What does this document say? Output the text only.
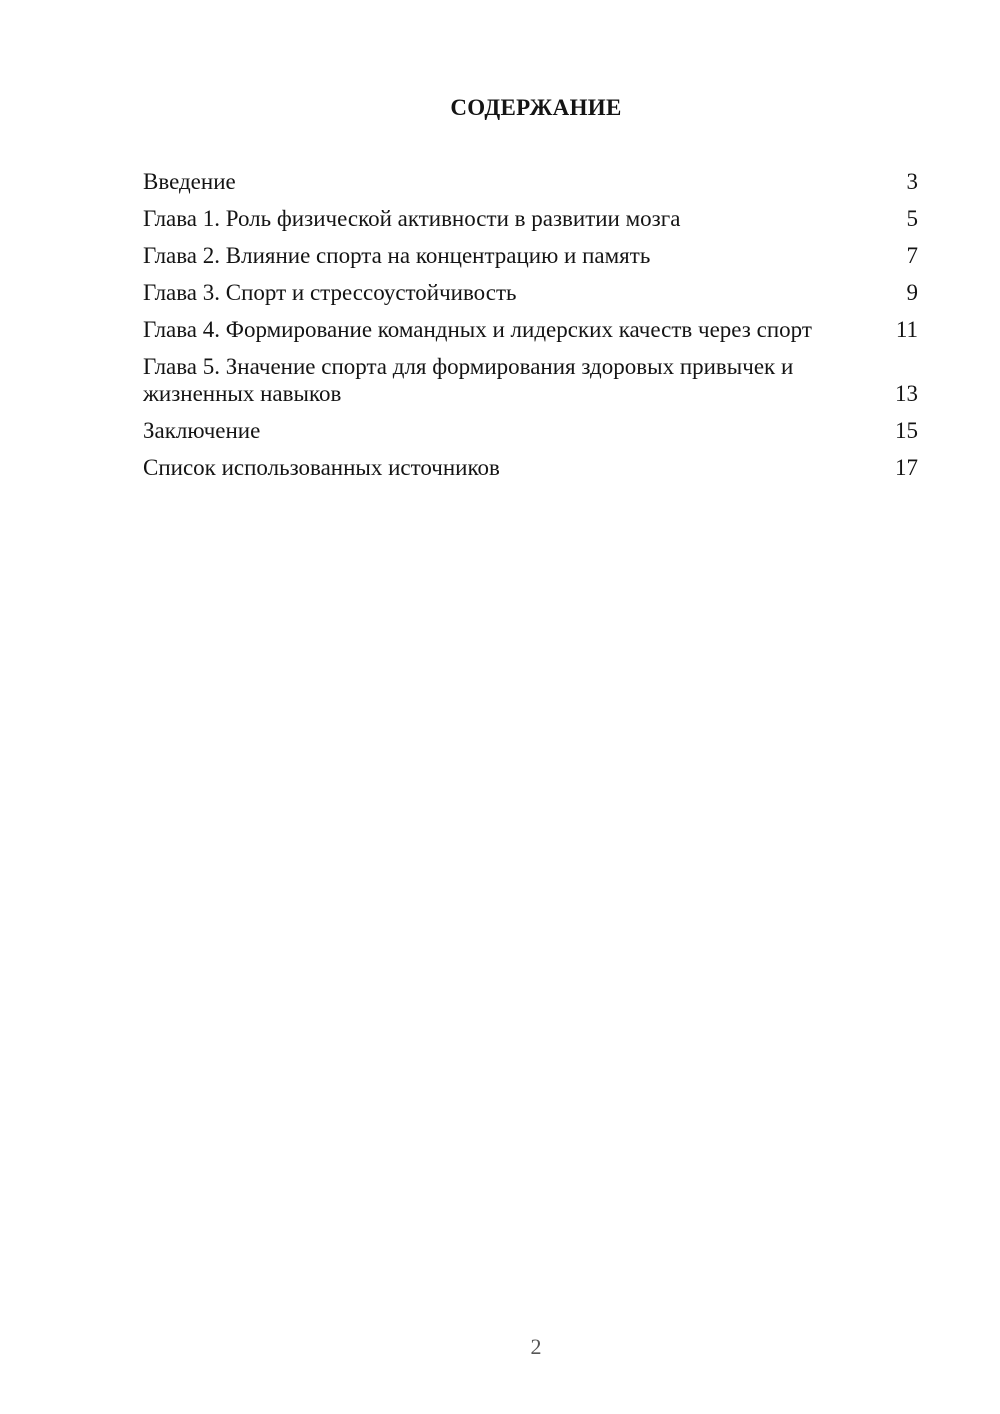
СОДЕРЖАНИЕ
Введение	3
Глава 1. Роль физической активности в развитии мозга	5
Глава 2. Влияние спорта на концентрацию и память	7
Глава 3. Спорт и стрессоустойчивость	9
Глава 4. Формирование командных и лидерских качеств через спорт	11
Глава 5. Значение спорта для формирования здоровых привычек и жизненных навыков	13
Заключение	15
Список использованных источников	17
2
